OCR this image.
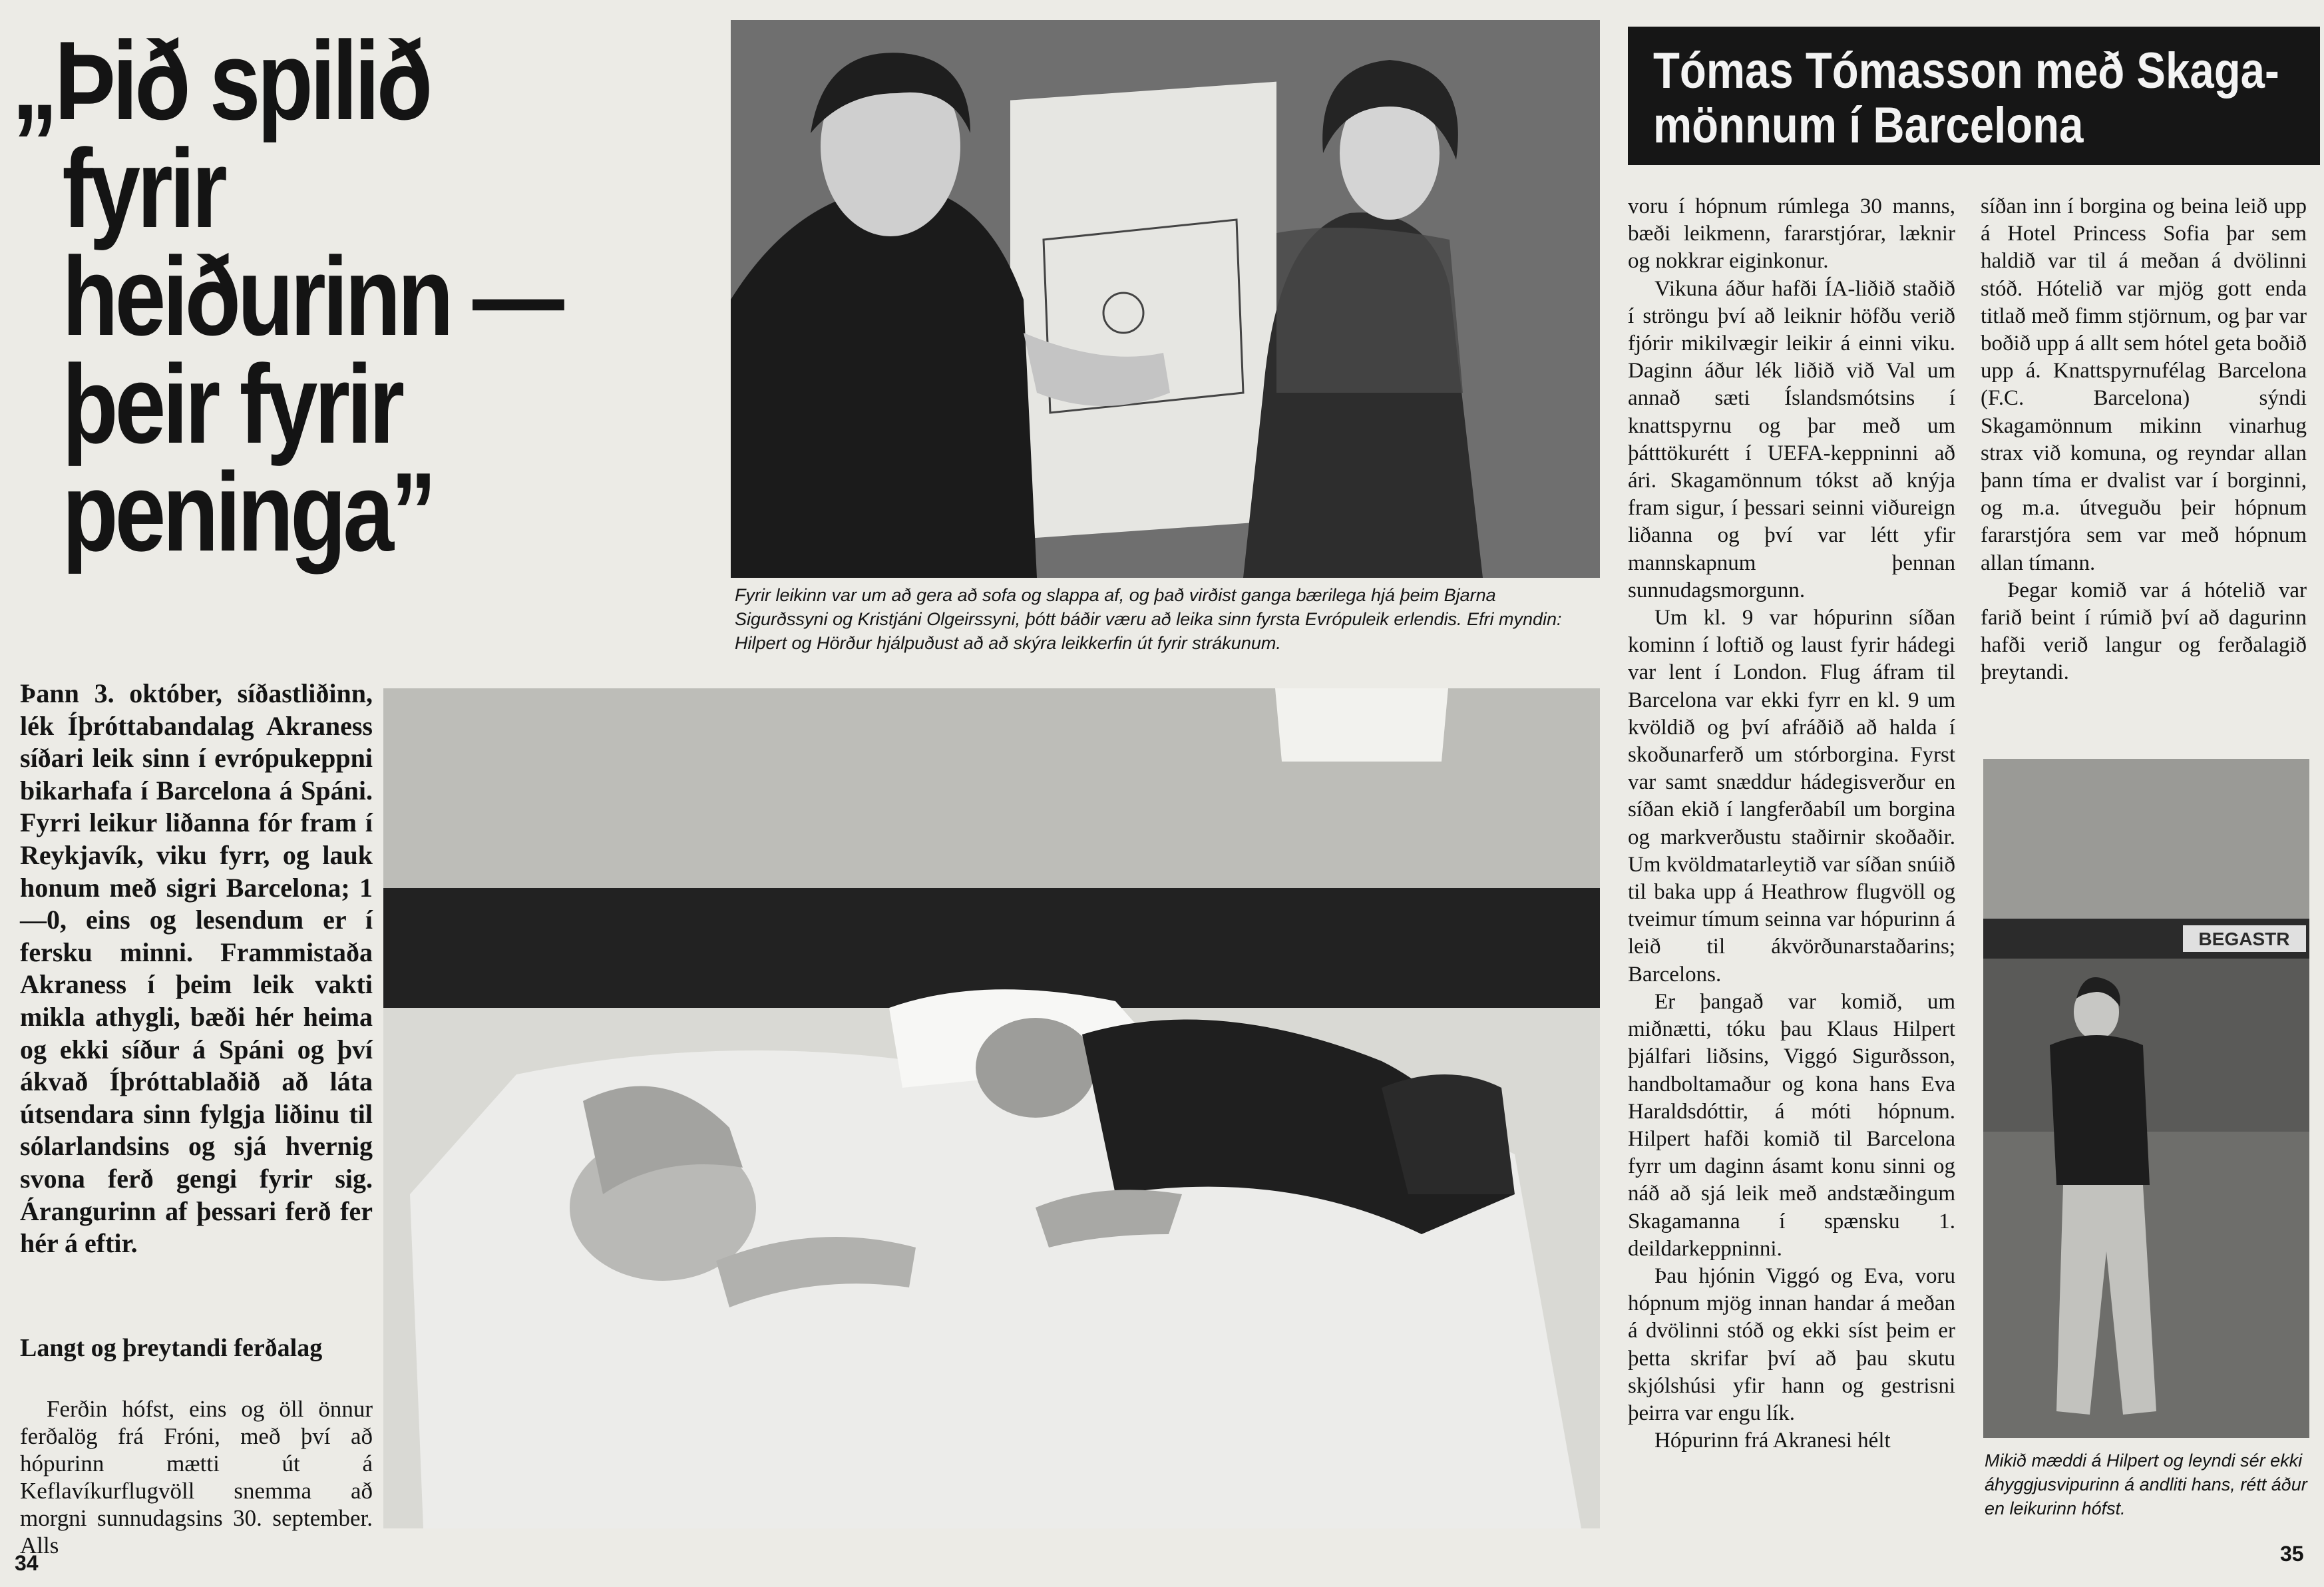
„Þið spilið
fyrir
heiðurinn —
þeir fyrir
peninga”
Fyrir leikinn var um að gera að sofa og slappa af, og það virðist ganga bærilega hjá þeim Bjarna Sigurðssyni og Kristjáni Olgeirssyni, þótt báðir væru að leika sinn fyrsta Evrópuleik erlendis. Efri myndin: Hilpert og Hörður hjálpuðust að að skýra leikkerfin út fyrir strákunum.

Þann 3. október, síðastliðinn, lék Íþróttabandalag Akraness síðari leik sinn í evrópukeppni bikarhafa í Barcelona á Spáni. Fyrri leikur liðanna fór fram í Reykjavík, viku fyrr, og lauk honum með sigri Barcelona; 1—0, eins og lesendum er í fersku minni. Frammistaða Akraness í þeim leik vakti mikla athygli, bæði hér heima og ekki síður á Spáni og því ákvað Íþróttablaðið að láta útsendara sinn fylgja liðinu til sólarlandsins og sjá hvernig svona ferð gengi fyrir sig. Árangurinn af þessari ferð fer hér á eftir.

Langt og þreytandi ferðalag
Ferðin hófst, eins og öll önnur ferðalög frá Fróni, með því að hópurinn mætti út á Keflavíkurflugvöll snemma að morgni sunnudagsins 30. september. Alls
Tómas Tómasson með Skaga-
mönnum í Barcelona

voru í hópnum rúmlega 30 manns, bæði leikmenn, fararstjórar, læknir og nokkrar eiginkonur.

Vikuna áður hafði ÍA-liðið staðið í ströngu því að leiknir höfðu verið fjórir mikilvægir leikir á einni viku. Daginn áður lék liðið við Val um annað sæti Íslandsmótsins í knattspyrnu og þar með um þátttökurétt í UEFA-keppninni að ári. Skagamönnum tókst að knýja fram sigur, í þessari seinni viðureign liðanna og því var létt yfir mannskapnum þennan sunnudagsmorgunn.

Um kl. 9 var hópurinn síðan kominn í loftið og laust fyrir hádegi var lent í London. Flug áfram til Barcelona var ekki fyrr en kl. 9 um kvöldið og því afráðið að halda í skoðunarferð um stórborgina. Fyrst var samt snæddur hádegisverður en síðan ekið í langferðabíl um borgina og markverðustu staðirnir skoðaðir. Um kvöldmatarleytið var síðan snúið til baka upp á Heathrow flugvöll og tveimur tímum seinna var hópurinn á leið til ákvörðunarstaðarins; Barcelons.

Er þangað var komið, um miðnætti, tóku þau Klaus Hilpert þjálfari liðsins, Viggó Sigurðsson, handboltamaður og kona hans Eva Haraldsdóttir, á móti hópnum. Hilpert hafði komið til Barcelona fyrr um daginn ásamt konu sinni og náð að sjá leik með andstæðingum Skagamanna í spænsku 1. deildarkeppninni.

Þau hjónin Viggó og Eva, voru hópnum mjög innan handar á meðan á dvölinni stóð og ekki síst þeim er þetta skrifar því að þau skutu skjólshúsi yfir hann og gestrisni þeirra var engu lík.

Hópurinn frá Akranesi hélt

síðan inn í borgina og beina leið upp á Hotel Princess Sofia þar sem haldið var til á meðan á dvölinni stóð. Hótelið var mjög gott enda titlað með fimm stjörnum, og þar var boðið upp á allt sem hótel geta boðið upp á. Knattspyrnufélag Barcelona (F.C. Barcelona) sýndi Skagamönnum mikinn vinarhug strax við komuna, og reyndar allan þann tíma er dvalist var í borginni, og m.a. útveguðu þeir hópnum fararstjóra sem var með hópnum allan tímann.

Þegar komið var á hótelið var farið beint í rúmið því að dagurinn hafði verið langur og ferðalagið þreytandi.

BEGASTR
Mikið mæddi á Hilpert og leyndi sér ekki áhyggjusvipurinn á andliti hans, rétt áður en leikurinn hófst.
34	35
